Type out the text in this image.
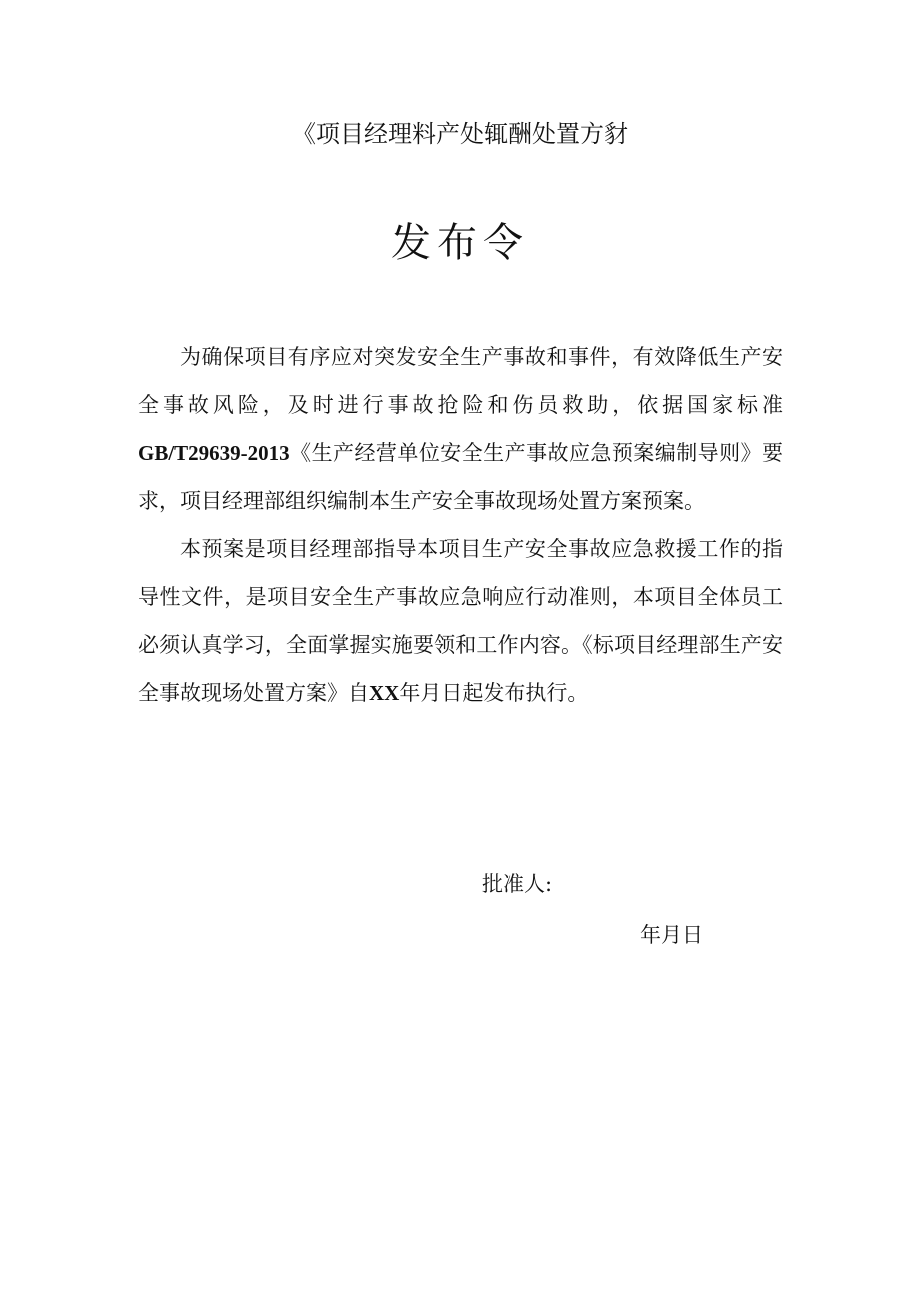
《项目经理料产处辄酬处置方豺
发布令

为确保项目有序应对突发安全生产事故和事件，有效降低生产安全事故风险，及时进行事故抢险和伤员救助，依据国家标准GB/T29639-2013《生产经营单位安全生产事故应急预案编制导则》要求，项目经理部组织编制本生产安全事故现场处置方案预案。

本预案是项目经理部指导本项目生产安全事故应急救援工作的指导性文件，是项目安全生产事故应急响应行动准则，本项目全体员工必须认真学习，全面掌握实施要领和工作内容。《标项目经理部生产安全事故现场处置方案》自XX年月日起发布执行。

批准人:
年月日
